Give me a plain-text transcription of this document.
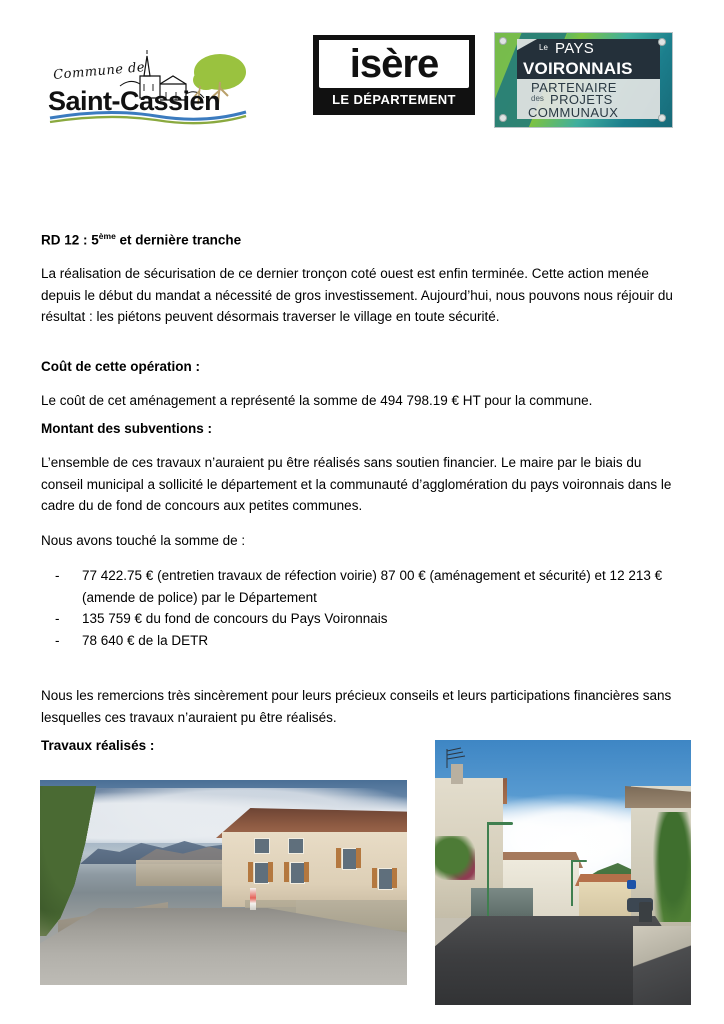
Commune de
Saint-Cassien
isère
LE DÉPARTEMENT
Le PAYS
VOIRONNAIS
PARTENAIRE
des PROJETS
COMMUNAUX
RD 12 : 5ème et dernière tranche

La réalisation de sécurisation de ce dernier tronçon coté ouest est enfin terminée. Cette action menée depuis le début du mandat a nécessité de gros investissement. Aujourd’hui, nous pouvons nous réjouir du résultat : les piétons peuvent désormais traverser le village en toute sécurité.

Coût de cette opération :

Le coût de cet aménagement a représenté la somme de 494 798.19 € HT pour la commune.

Montant des subventions :

L’ensemble de ces travaux n’auraient pu être réalisés sans soutien financier. Le maire par le biais du conseil municipal a sollicité le département et la communauté d’agglomération du pays voironnais dans le cadre du de fond de concours aux petites communes.

Nous avons touché la somme de :

- 77 422.75 € (entretien travaux de réfection voirie) 87 00 € (aménagement et sécurité) et 12 213 € (amende de police) par le Département
- 135 759 € du fond de concours du Pays Voironnais
- 78 640 € de la DETR

Nous les remercions très sincèrement pour leurs précieux conseils et leurs participations financières sans lesquelles ces travaux n’auraient pu être réalisés.

Travaux réalisés :
